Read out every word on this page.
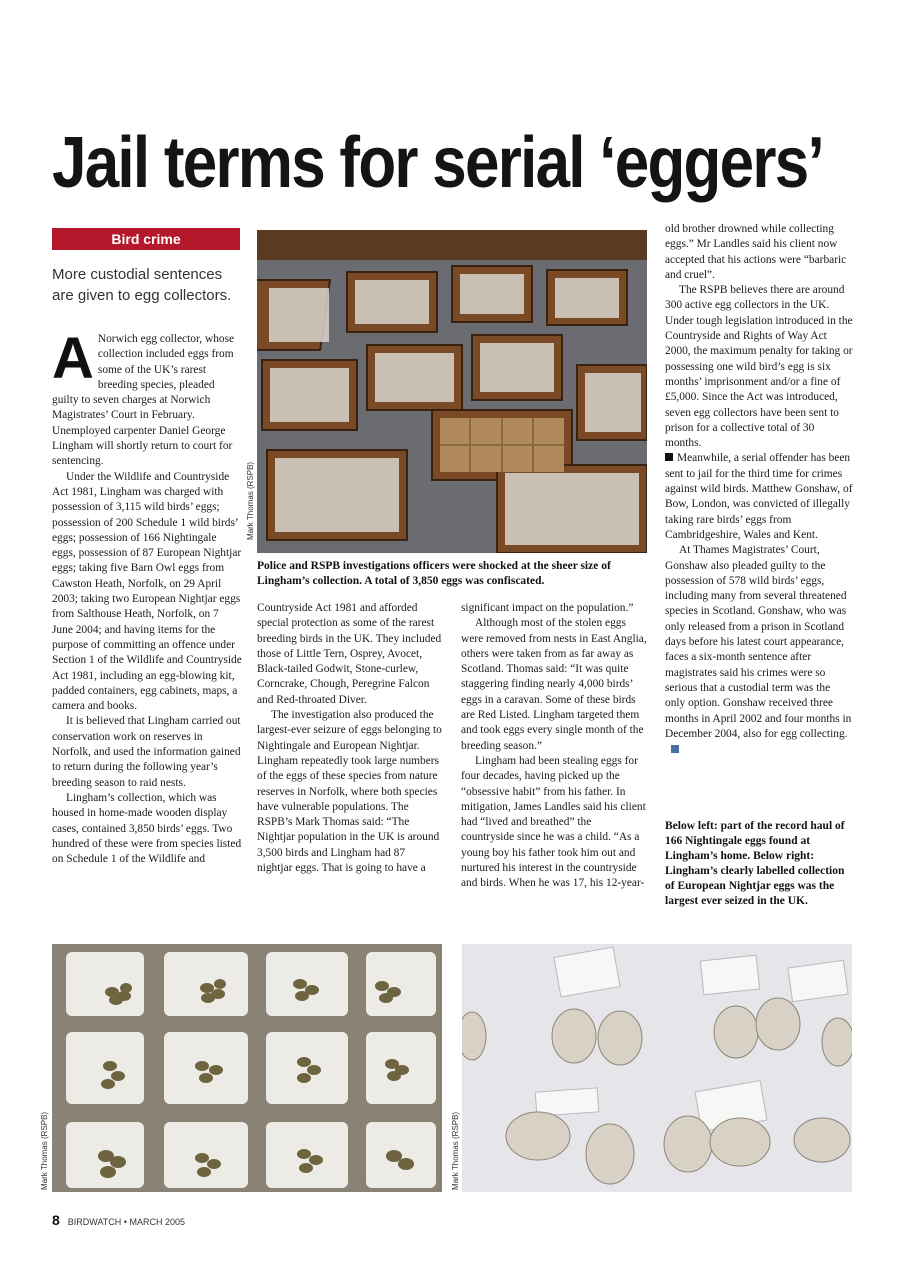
Jail terms for serial ‘eggers’
Bird crime
More custodial sentences are given to egg collectors.

A Norwich egg collector, whose collection included eggs from some of the UK’s rarest breeding species, pleaded guilty to seven charges at Norwich Magistrates’ Court in February. Unemployed carpenter Daniel George Lingham will shortly return to court for sentencing.

Under the Wildlife and Countryside Act 1981, Lingham was charged with possession of 3,115 wild birds’ eggs; possession of 200 Schedule 1 wild birds’ eggs; possession of 166 Nightingale eggs, possession of 87 European Nightjar eggs; taking five Barn Owl eggs from Cawston Heath, Norfolk, on 29 April 2003; taking two European Nightjar eggs from Salthouse Heath, Norfolk, on 7 June 2004; and having items for the purpose of committing an offence under Section 1 of the Wildlife and Countryside Act 1981, including an egg-blowing kit, padded containers, egg cabinets, maps, a camera and books.

It is believed that Lingham carried out conservation work on reserves in Norfolk, and used the information gained to return during the following year’s breeding season to raid nests.

Lingham’s collection, which was housed in home-made wooden display cases, contained 3,850 birds’ eggs. Two hundred of these were from species listed on Schedule 1 of the Wildlife and

Mark Thomas (RSPB)
Police and RSPB investigations officers were shocked at the sheer size of Lingham’s collection. A total of 3,850 eggs was confiscated.

Countryside Act 1981 and afforded special protection as some of the rarest breeding birds in the UK. They included those of Little Tern, Osprey, Avocet, Black-tailed Godwit, Stone-curlew, Corncrake, Chough, Peregrine Falcon and Red-throated Diver.

The investigation also produced the largest-ever seizure of eggs belonging to Nightingale and European Nightjar. Lingham repeatedly took large numbers of the eggs of these species from nature reserves in Norfolk, where both species have vulnerable populations. The RSPB’s Mark Thomas said: “The Nightjar population in the UK is around 3,500 birds and Lingham had 87 nightjar eggs. That is going to have a

significant impact on the population.”

Although most of the stolen eggs were removed from nests in East Anglia, others were taken from as far away as Scotland. Thomas said: “It was quite staggering finding nearly 4,000 birds’ eggs in a caravan. Some of these birds are Red Listed. Lingham targeted them and took eggs every single month of the breeding season.”

Lingham had been stealing eggs for four decades, having picked up the “obsessive habit” from his father. In mitigation, James Landles said his client had “lived and breathed” the countryside since he was a child. “As a young boy his father took him out and nurtured his interest in the countryside and birds. When he was 17, his 12-year-

old brother drowned while collecting eggs.” Mr Landles said his client now accepted that his actions were “barbaric and cruel”.

The RSPB believes there are around 300 active egg collectors in the UK. Under tough legislation introduced in the Countryside and Rights of Way Act 2000, the maximum penalty for taking or possessing one wild bird’s egg is six months’ imprisonment and/or a fine of £5,000. Since the Act was introduced, seven egg collectors have been sent to prison for a collective total of 30 months.

Meanwhile, a serial offender has been sent to jail for the third time for crimes against wild birds. Matthew Gonshaw, of Bow, London, was convicted of illegally taking rare birds’ eggs from Cambridgeshire, Wales and Kent.

At Thames Magistrates’ Court, Gonshaw also pleaded guilty to the possession of 578 wild birds’ eggs, including many from several threatened species in Scotland. Gonshaw, who was only released from a prison in Scotland days before his latest court appearance, faces a six-month sentence after magistrates said his crimes were so serious that a custodial term was the only option. Gonshaw received three months in April 2002 and four months in December 2004, also for egg collecting.

Below left: part of the record haul of 166 Nightingale eggs found at Lingham’s home. Below right: Lingham’s clearly labelled collection of European Nightjar eggs was the largest ever seized in the UK.
Mark Thomas (RSPB)	Mark Thomas (RSPB)
8 BIRDWATCH • MARCH 2005
